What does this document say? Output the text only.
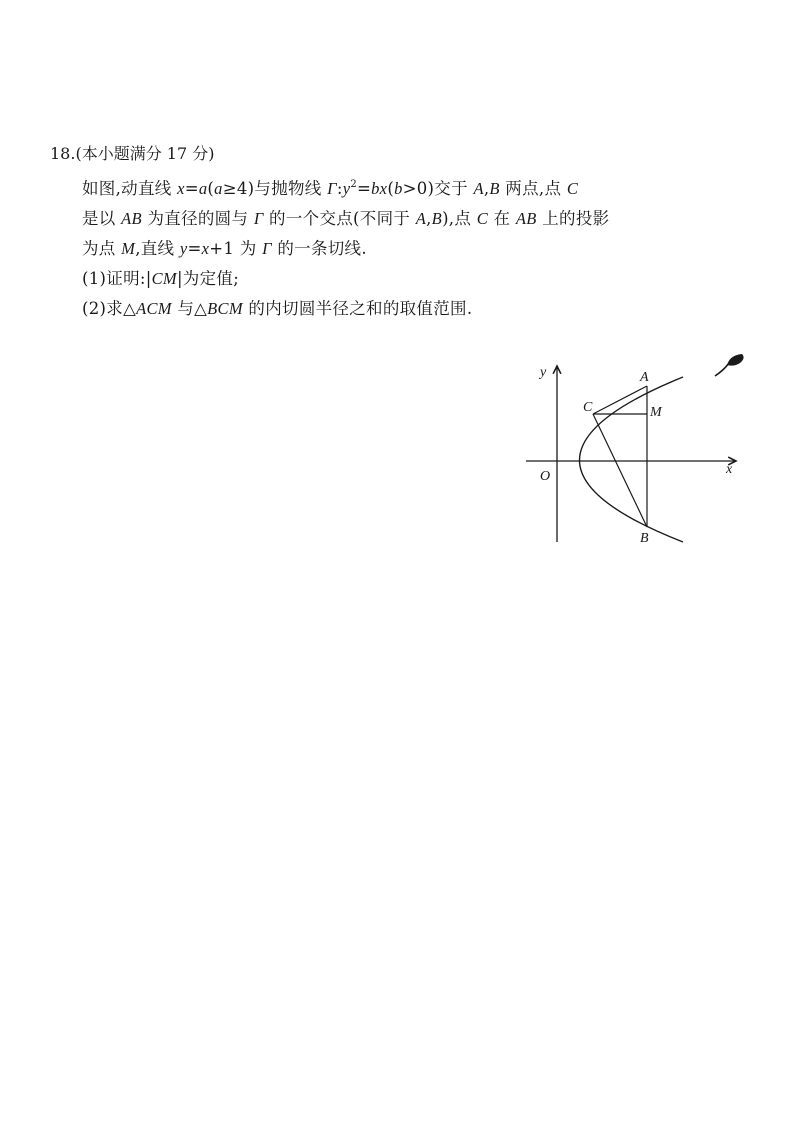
18.(本小题满分 17 分)
如图,动直线 x=a(a≥4)与抛物线 $\Gamma:y^2=bx(b>0)$交于 A,B 两点,点 C
是以 AB 为直径的圆与 Γ 的一个交点(不同于 A,B),点 C 在 AB 上的投影
为点 M,直线 y=x+1 为 Γ 的一条切线.
(1)证明:|CM|为定值;
(2)求△ACM 与△BCM 的内切圆半径之和的取值范围.
y
x
O
A
C	M
B
